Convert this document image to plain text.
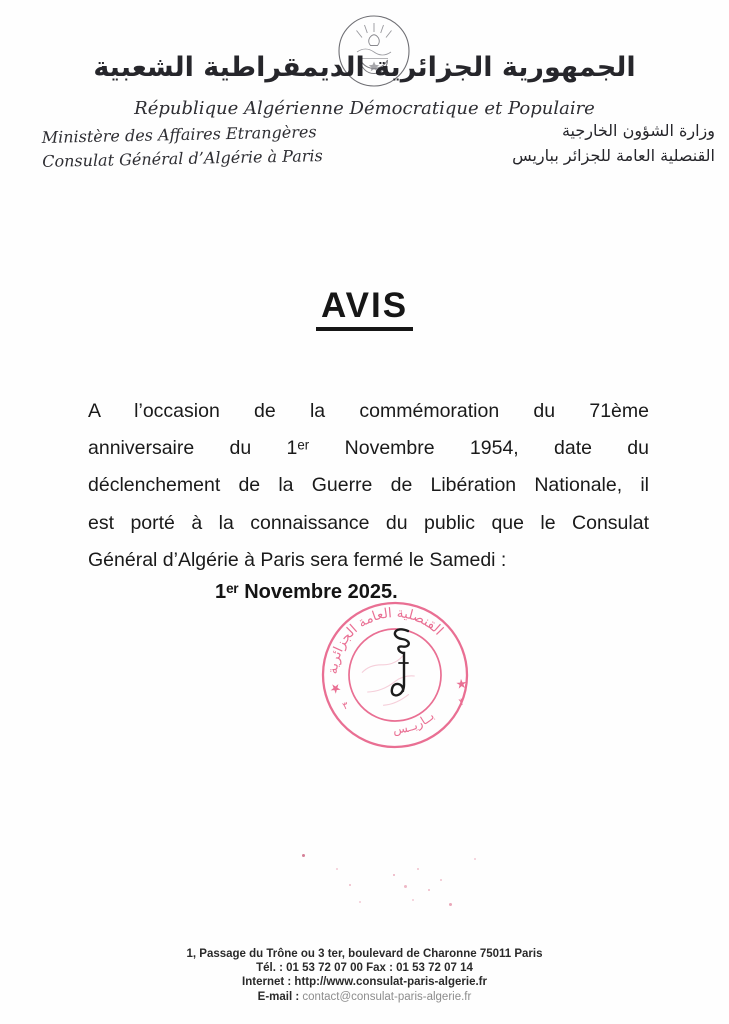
الجمهورية الجزائرية الديمقراطية الشعبية
République Algérienne Démocratique et Populaire
Ministère des Affaires Etrangères
Consulat Général d’Algérie à Paris
وزارة الشؤون الخارجية
القنصلية العامة للجزائر بباريس
AVIS
A l’occasion de la commémoration du 71ème
anniversaire du 1ᵉʳ Novembre 1954, date du
déclenchement de la Guerre de Libération Nationale, il
est porté à la connaissance du public que le Consulat
Général d’Algérie à Paris sera fermé le Samedi :
1ᵉʳ Novembre 2025.
القنصلية العامة الجزائرية
بــاريــس
★	★
٣	٣
1, Passage du Trône ou 3 ter, boulevard de Charonne 75011 Paris
Tél. : 01 53 72 07 00 Fax : 01 53 72 07 14
Internet : http://www.consulat-paris-algerie.fr
E-mail : contact@consulat-paris-algerie.fr
